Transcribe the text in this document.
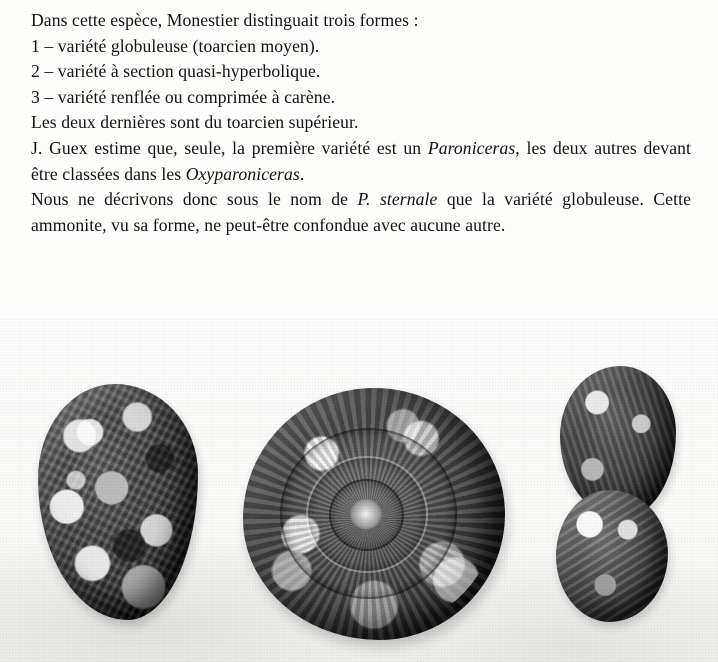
Dans cette espèce, Monestier distinguait trois formes :
1 – variété globuleuse (toarcien moyen).
2 – variété à section quasi-hyperbolique.
3 – variété renflée ou comprimée à carène.
Les deux dernières sont du toarcien supérieur.
J. Guex estime que, seule, la première variété est un Paroniceras, les deux autres devant être classées dans les Oxyparoniceras.
Nous ne décrivons donc sous le nom de P. sternale que la variété globuleuse. Cette ammonite, vu sa forme, ne peut-être confondue avec aucune autre.
